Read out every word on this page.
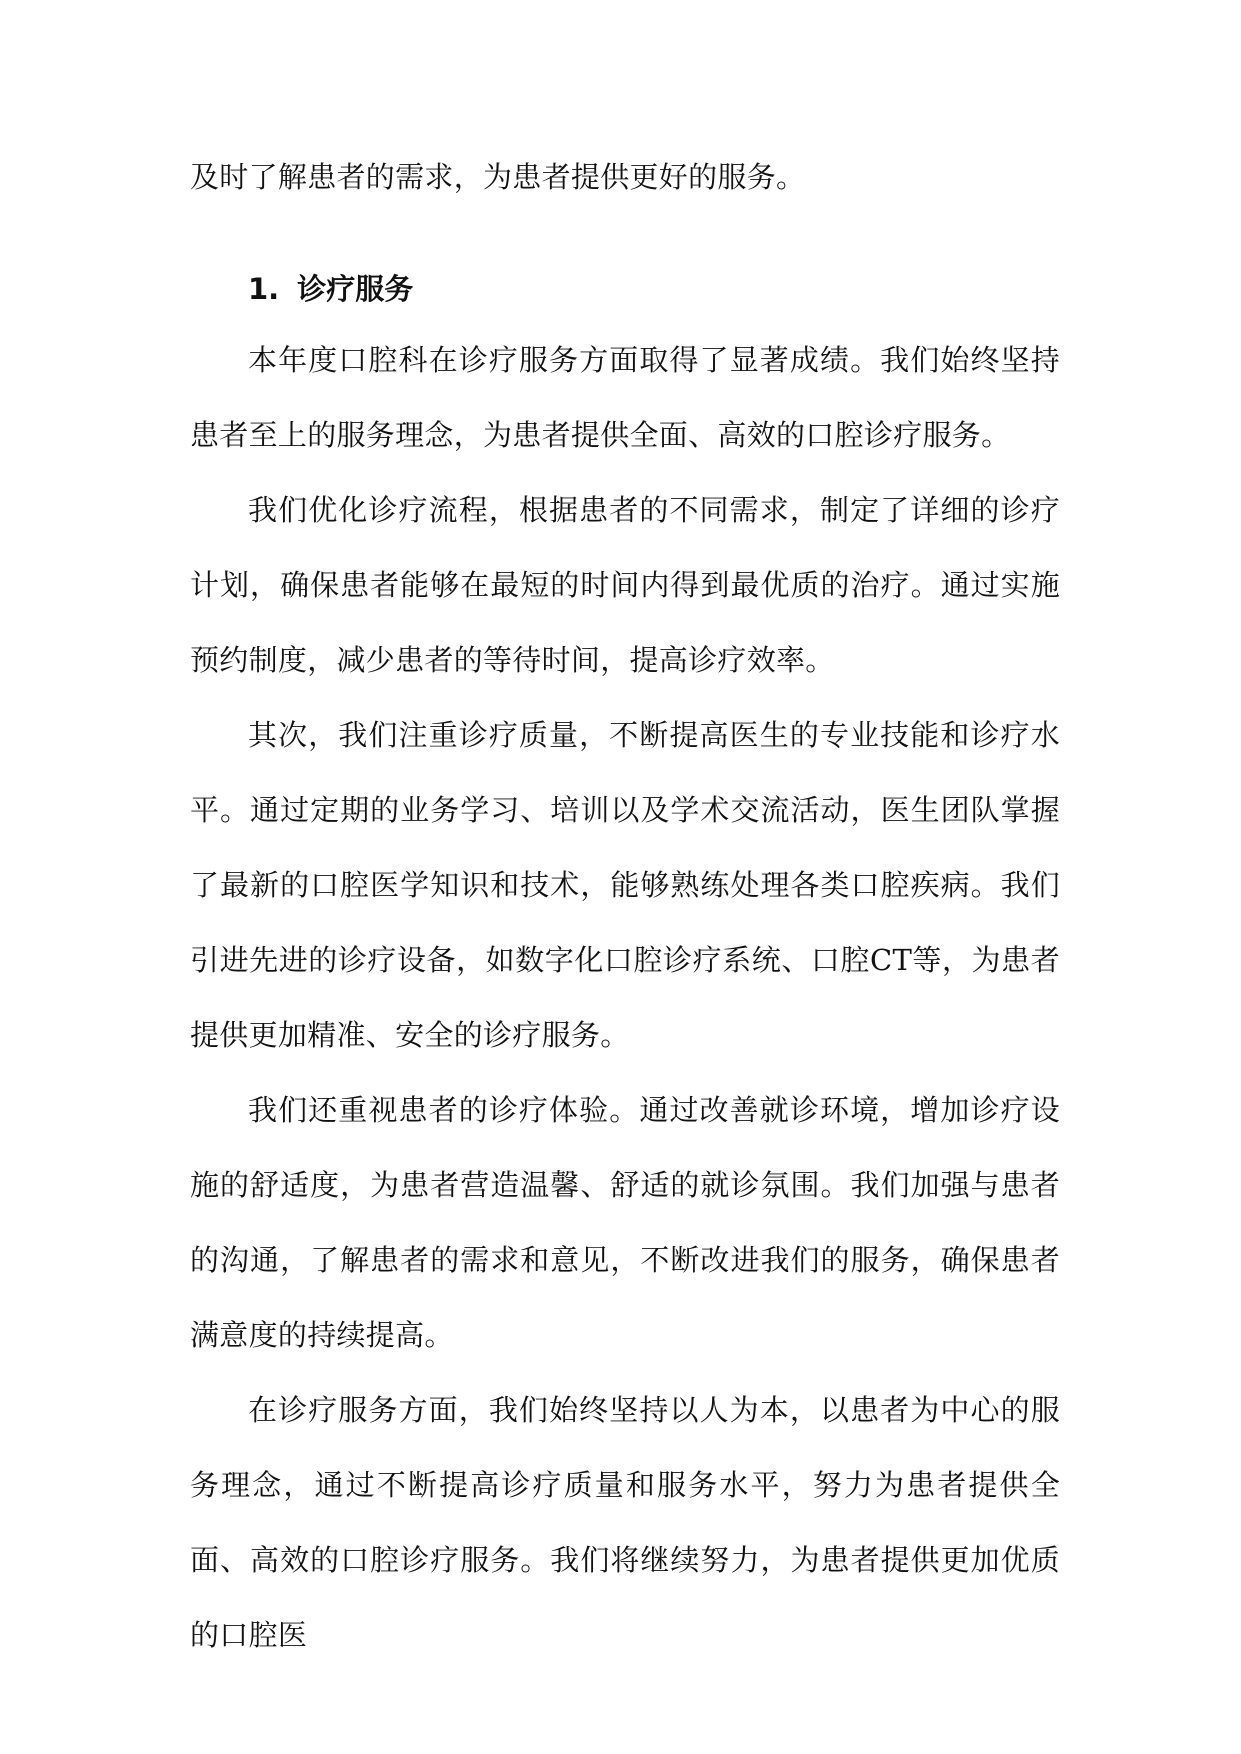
及时了解患者的需求，为患者提供更好的服务。

1. 诊疗服务

本年度口腔科在诊疗服务方面取得了显著成绩。我们始终坚持患者至上的服务理念，为患者提供全面、高效的口腔诊疗服务。

我们优化诊疗流程，根据患者的不同需求，制定了详细的诊疗计划，确保患者能够在最短的时间内得到最优质的治疗。通过实施预约制度，减少患者的等待时间，提高诊疗效率。

其次，我们注重诊疗质量，不断提高医生的专业技能和诊疗水平。通过定期的业务学习、培训以及学术交流活动，医生团队掌握了最新的口腔医学知识和技术，能够熟练处理各类口腔疾病。我们引进先进的诊疗设备，如数字化口腔诊疗系统、口腔CT等，为患者提供更加精准、安全的诊疗服务。

我们还重视患者的诊疗体验。通过改善就诊环境，增加诊疗设施的舒适度，为患者营造温馨、舒适的就诊氛围。我们加强与患者的沟通，了解患者的需求和意见，不断改进我们的服务，确保患者满意度的持续提高。

在诊疗服务方面，我们始终坚持以人为本，以患者为中心的服务理念，通过不断提高诊疗质量和服务水平，努力为患者提供全面、高效的口腔诊疗服务。我们将继续努力，为患者提供更加优质的口腔医
